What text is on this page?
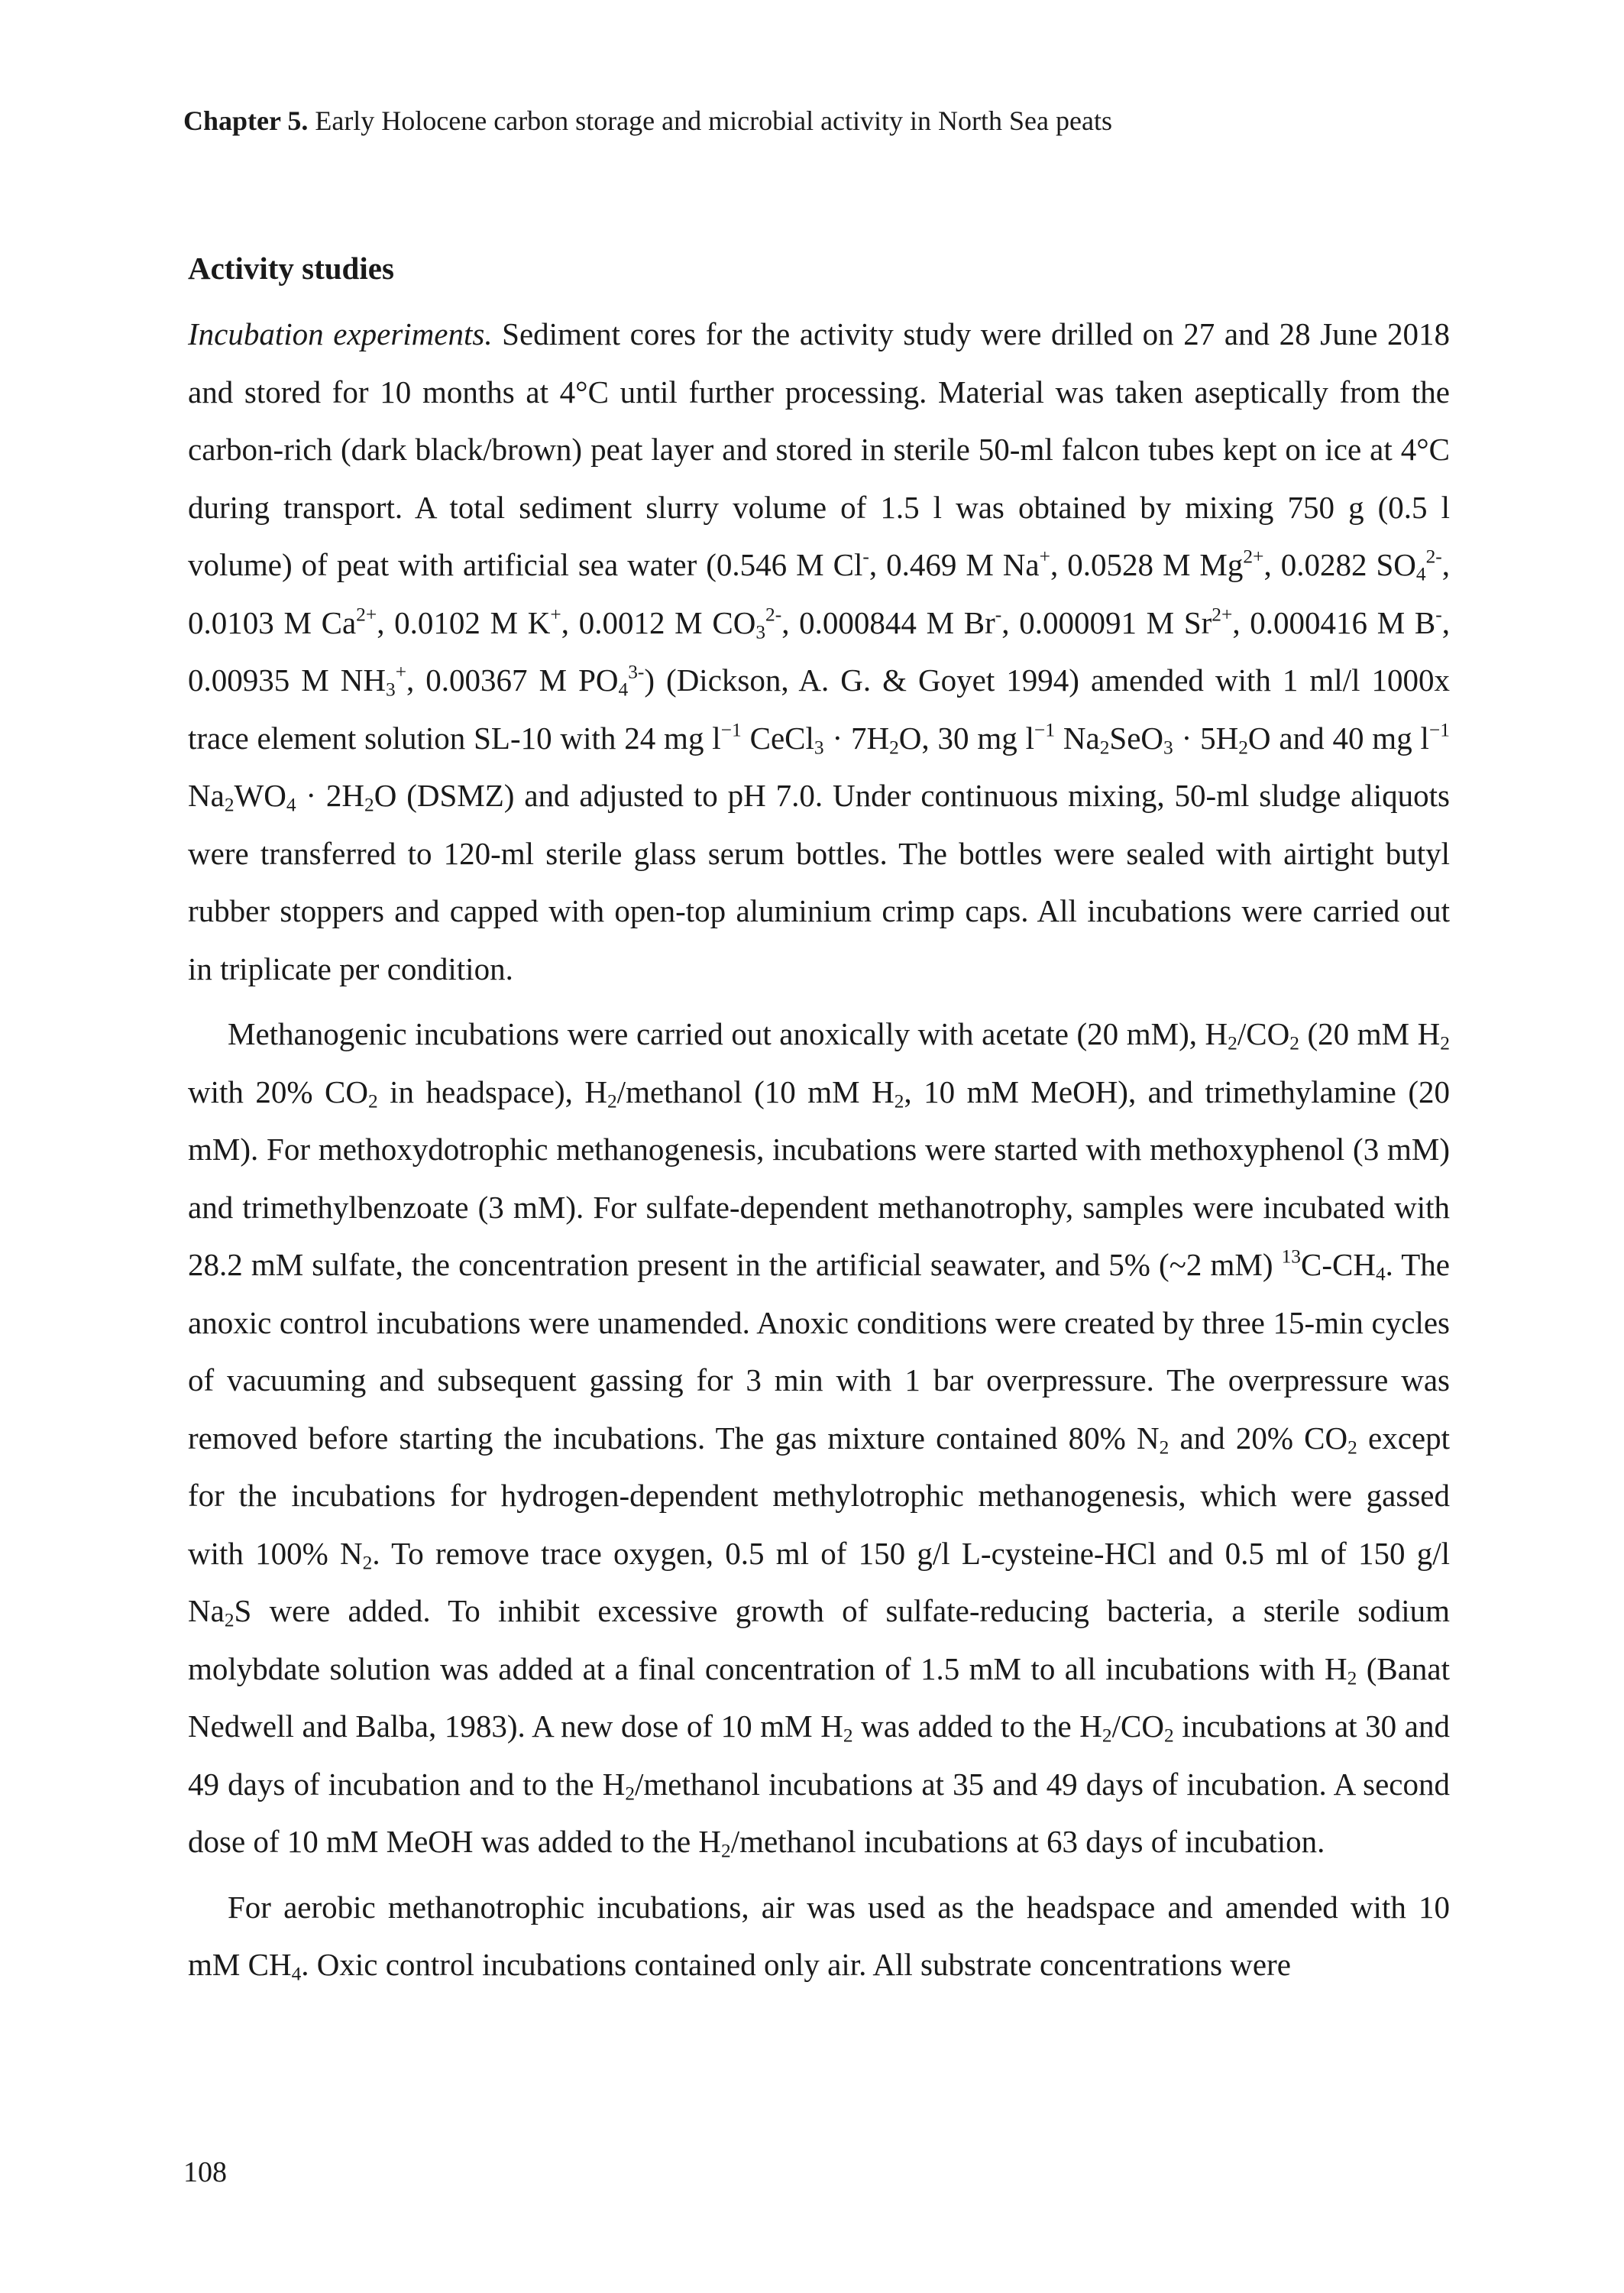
Chapter 5. Early Holocene carbon storage and microbial activity in North Sea peats
Activity studies

Incubation experiments. Sediment cores for the activity study were drilled on 27 and 28 June 2018 and stored for 10 months at 4°C until further processing. Material was taken aseptically from the carbon-rich (dark black/brown) peat layer and stored in sterile 50-ml falcon tubes kept on ice at 4°C during transport. A total sediment slurry volume of 1.5 l was obtained by mixing 750 g (0.5 l volume) of peat with artificial sea water (0.546 M Cl-, 0.469 M Na+, 0.0528 M $Mg^{2+}$, 0.0282 $SO_4^{2-}$, 0.0103 M $Ca^{2+}$, 0.0102 M K+, 0.0012 M $CO_3^{2-}$, 0.000844 M Br-, 0.000091 M $Sr^{2+}$, 0.000416 M B-, 0.00935 M $NH_3^+$, 0.00367 M $PO_4^{3-}$) (Dickson, A. G. & Goyet 1994) amended with 1 ml/l 1000x trace element solution SL-10 with 24 mg $l^{-1}$ CeCl$_3$ · $7H_2O$, 30 mg $l^{-1}$ $Na_2SeO_3 \cdot 5H_2O$ and 40 mg $l^{-1}$ $Na_2WO_4 \cdot 2H_2O$ (DSMZ) and adjusted to pH 7.0. Under continuous mixing, 50-ml sludge aliquots were transferred to 120-ml sterile glass serum bottles. The bottles were sealed with airtight butyl rubber stoppers and capped with open-top aluminium crimp caps. All incubations were carried out in triplicate per condition.

Methanogenic incubations were carried out anoxically with acetate (20 mM), $H_2/CO_2$ (20 mM $H_2$ with 20% $CO_2$ in headspace), $H_2$/methanol (10 mM $H_2$, 10 mM MeOH), and trimethylamine (20 mM). For methoxydotrophic methanogenesis, incubations were started with methoxyphenol (3 mM) and trimethylbenzoate (3 mM). For sulfate-dependent methanotrophy, samples were incubated with 28.2 mM sulfate, the concentration present in the artificial seawater, and 5% (~2 mM) $^{13}C-CH_4$. The anoxic control incubations were unamended. Anoxic conditions were created by three 15-min cycles of vacuuming and subsequent gassing for 3 min with 1 bar overpressure. The overpressure was removed before starting the incubations. The gas mixture contained 80% $N_2$ and 20% $CO_2$ except for the incubations for hydrogen-dependent methylotrophic methanogenesis, which were gassed with 100% $N_2$. To remove trace oxygen, 0.5 ml of 150 g/l L-cysteine-HCl and 0.5 ml of 150 g/l $Na_2S$ were added. To inhibit excessive growth of sulfate-reducing bacteria, a sterile sodium molybdate solution was added at a final concentration of 1.5 mM to all incubations with $H_2$ (Banat Nedwell and Balba, 1983). A new dose of 10 mM $H_2$ was added to the $H_2/CO_2$ incubations at 30 and 49 days of incubation and to the $H_2$/methanol incubations at 35 and 49 days of incubation. A second dose of 10 mM MeOH was added to the $H_2$/methanol incubations at 63 days of incubation.

For aerobic methanotrophic incubations, air was used as the headspace and amended with 10 mM $CH_4$. Oxic control incubations contained only air. All substrate concentrations were

108
